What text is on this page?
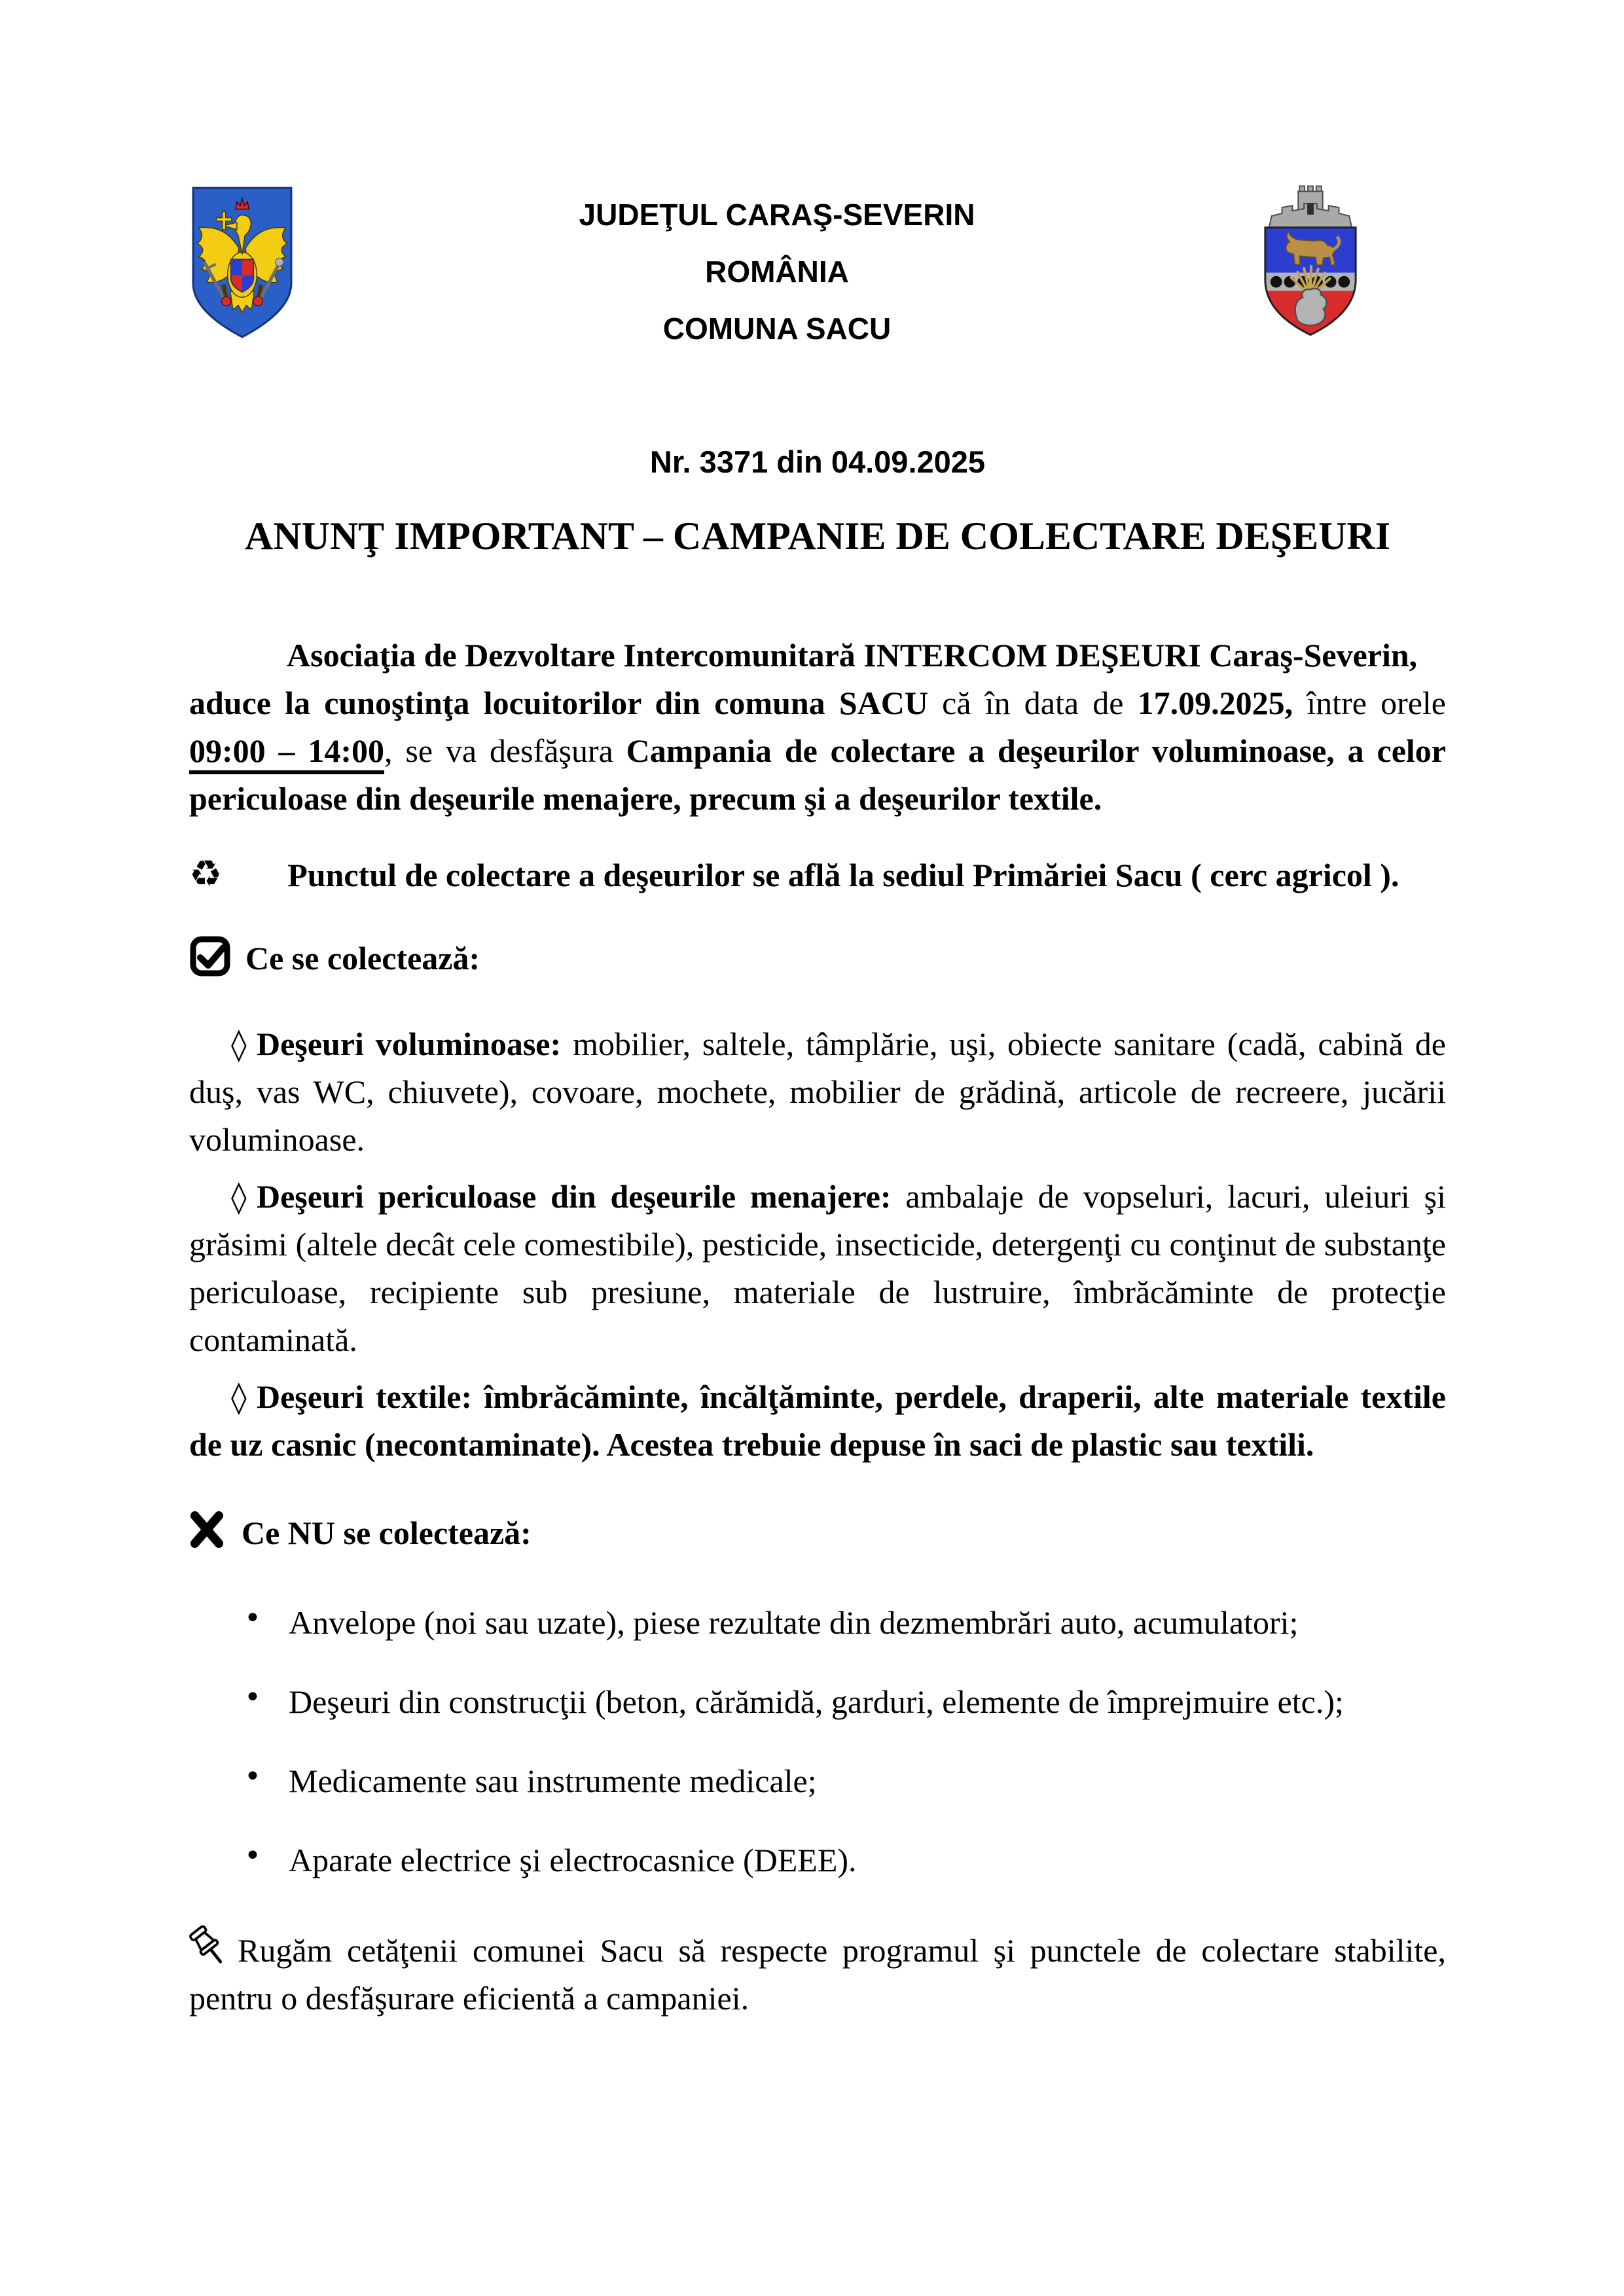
JUDEŢUL CARAŞ-SEVERIN
ROMÂNIA
COMUNA SACU
Nr. 3371 din 04.09.2025
ANUNŢ IMPORTANT – CAMPANIE DE COLECTARE DEŞEURI

Asociaţia de Dezvoltare Intercomunitară INTERCOM DEŞEURI Caraş-Severin,
aduce la cunoştinţa locuitorilor din comuna SACU că în data de 17.09.2025, între orele 09:00 – 14:00, se va desfăşura Campania de colectare a deşeurilor voluminoase, a celor periculoase din deşeurile menajere, precum şi a deşeurilor textile.

♻ Punctul de colectare a deşeurilor se află la sediul Primăriei Sacu ( cerc agricol ).

Ce se colectează:

◊ Deşeuri voluminoase: mobilier, saltele, tâmplărie, uşi, obiecte sanitare (cadă, cabină de duş, vas WC, chiuvete), covoare, mochete, mobilier de grădină, articole de recreere, jucării voluminoase.

◊ Deşeuri periculoase din deşeurile menajere: ambalaje de vopseluri, lacuri, uleiuri şi grăsimi (altele decât cele comestibile), pesticide, insecticide, detergenţi cu conţinut de substanţe periculoase, recipiente sub presiune, materiale de lustruire, îmbrăcăminte de protecţie contaminată.

◊ Deşeuri textile: îmbrăcăminte, încălţăminte, perdele, draperii, alte materiale textile de uz casnic (necontaminate). Acestea trebuie depuse în saci de plastic sau textili.

Ce NU se colectează:

• Anvelope (noi sau uzate), piese rezultate din dezmembrări auto, acumulatori;
• Deşeuri din construcţii (beton, cărămidă, garduri, elemente de împrejmuire etc.);
• Medicamente sau instrumente medicale;
• Aparate electrice şi electrocasnice (DEEE).

Rugăm cetăţenii comunei Sacu să respecte programul şi punctele de colectare stabilite, pentru o desfăşurare eficientă a campaniei.
